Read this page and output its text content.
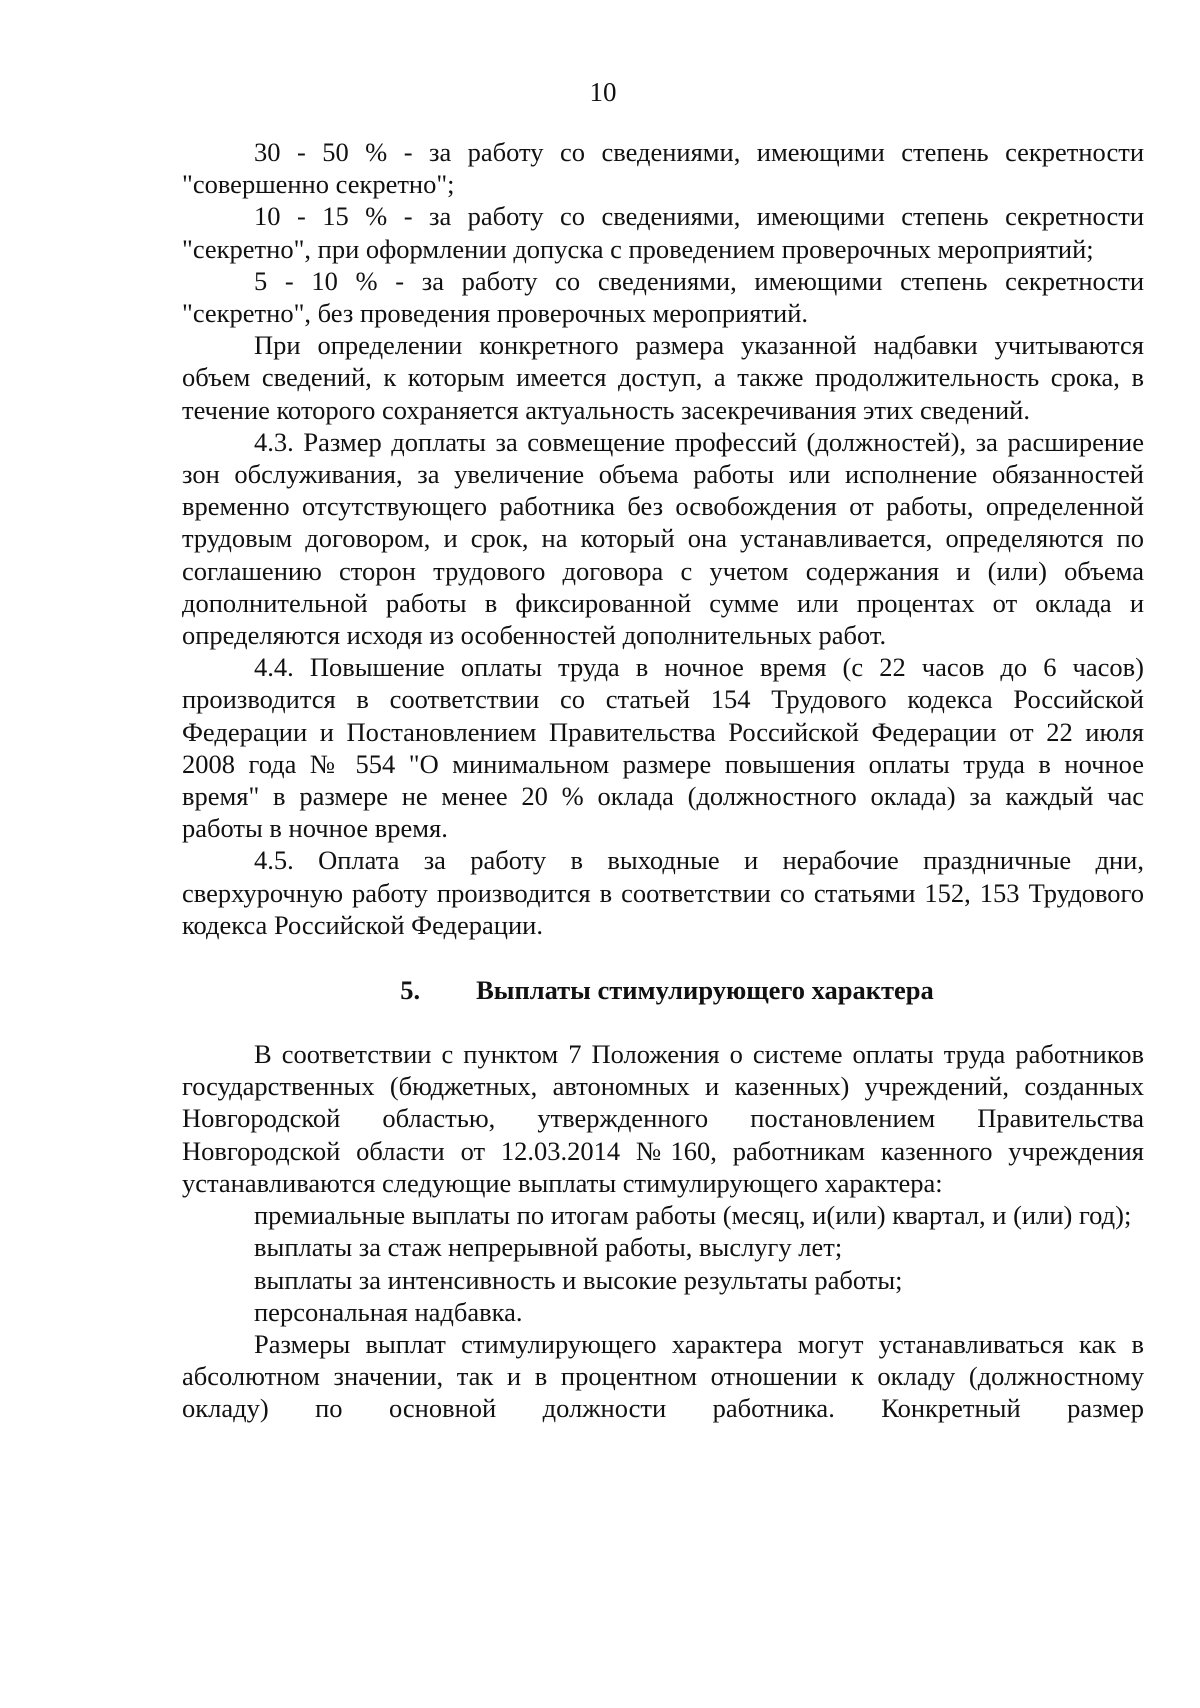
10

30 - 50 % - за работу со сведениями, имеющими степень секретности "совершенно секретно";

10 - 15 % - за работу со сведениями, имеющими степень секретности "секретно", при оформлении допуска с проведением проверочных мероприятий;

5 - 10 % - за работу со сведениями, имеющими степень секретности "секретно", без проведения проверочных мероприятий.

При определении конкретного размера указанной надбавки учитываются объем сведений, к которым имеется доступ, а также продолжительность срока, в течение которого сохраняется актуальность засекречивания этих сведений.

4.3. Размер доплаты за совмещение профессий (должностей), за расширение зон обслуживания, за увеличение объема работы или исполнение обязанностей временно отсутствующего работника без освобождения от работы, определенной трудовым договором, и срок, на который она устанавливается, определяются по соглашению сторон трудового договора с учетом содержания и (или) объема дополнительной работы в фиксированной сумме или процентах от оклада и определяются исходя из особенностей дополнительных работ.

4.4. Повышение оплаты труда в ночное время (с 22 часов до 6 часов) производится в соответствии со статьей 154 Трудового кодекса Российской Федерации и Постановлением Правительства Российской Федерации от 22 июля 2008 года № 554 "О минимальном размере повышения оплаты труда в ночное время" в размере не менее 20 % оклада (должностного оклада) за каждый час работы в ночное время.

4.5. Оплата за работу в выходные и нерабочие праздничные дни, сверхурочную работу производится в соответствии со статьями 152, 153 Трудового кодекса Российской Федерации.

5. Выплаты стимулирующего характера

В соответствии с пунктом 7 Положения о системе оплаты труда работников государственных (бюджетных, автономных и казенных) учреждений, созданных Новгородской областью, утвержденного постановлением Правительства Новгородской области от 12.03.2014 №160, работникам казенного учреждения устанавливаются следующие выплаты стимулирующего характера:

премиальные выплаты по итогам работы (месяц, и(или) квартал, и (или) год);

выплаты за стаж непрерывной работы, выслугу лет;

выплаты за интенсивность и высокие результаты работы;

персональная надбавка.

Размеры выплат стимулирующего характера могут устанавливаться как в абсолютном значении, так и в процентном отношении к окладу (должностному окладу) по основной должности работника. Конкретный размер
